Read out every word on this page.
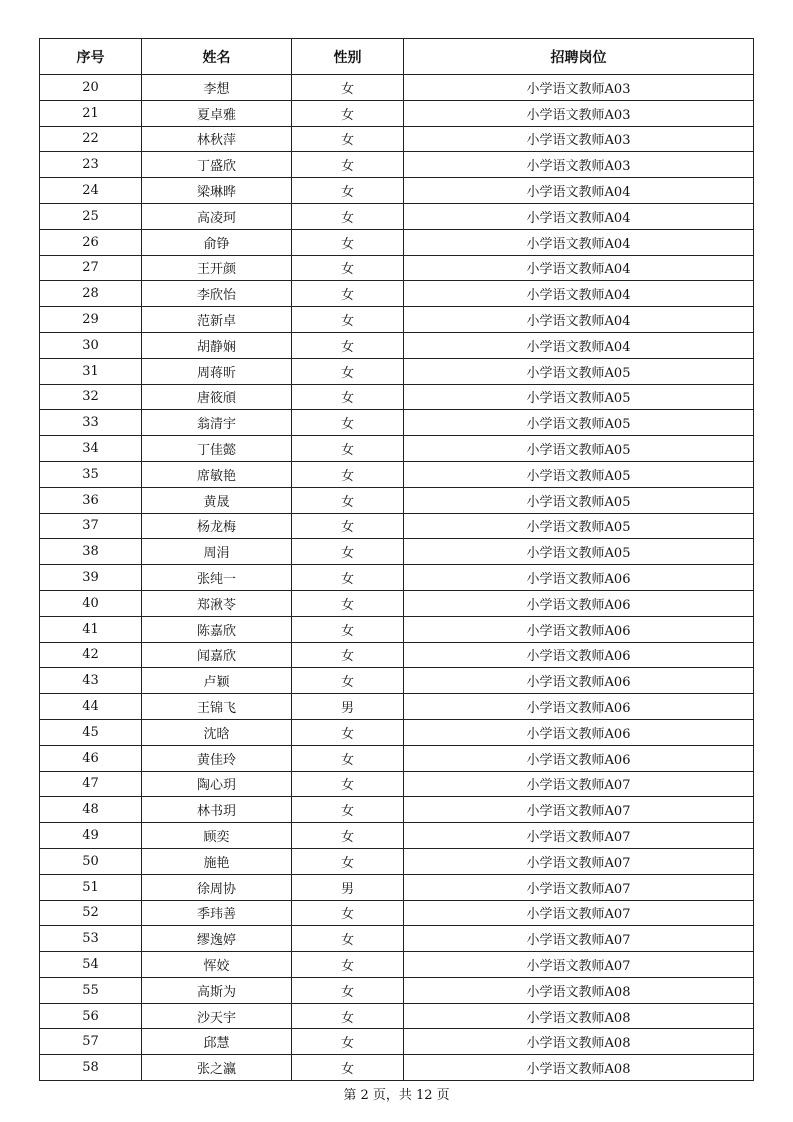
序号	姓名	性别	招聘岗位
20	李想	女	小学语文教师A03
21	夏卓雅	女	小学语文教师A03
22	林秋萍	女	小学语文教师A03
23	丁盛欣	女	小学语文教师A03
24	梁琳晔	女	小学语文教师A04
25	高凌珂	女	小学语文教师A04
26	俞铮	女	小学语文教师A04
27	王开颜	女	小学语文教师A04
28	李欣怡	女	小学语文教师A04
29	范新卓	女	小学语文教师A04
30	胡静娴	女	小学语文教师A04
31	周蒋昕	女	小学语文教师A05
32	唐筱頎	女	小学语文教师A05
33	翁清宇	女	小学语文教师A05
34	丁佳懿	女	小学语文教师A05
35	席敏艳	女	小学语文教师A05
36	黄晟	女	小学语文教师A05
37	杨龙梅	女	小学语文教师A05
38	周涓	女	小学语文教师A05
39	张纯一	女	小学语文教师A06
40	郑湫苓	女	小学语文教师A06
41	陈嘉欣	女	小学语文教师A06
42	闻嘉欣	女	小学语文教师A06
43	卢颖	女	小学语文教师A06
44	王锦飞	男	小学语文教师A06
45	沈晗	女	小学语文教师A06
46	黄佳玲	女	小学语文教师A06
47	陶心玥	女	小学语文教师A07
48	林书玥	女	小学语文教师A07
49	顾奕	女	小学语文教师A07
50	施艳	女	小学语文教师A07
51	徐周协	男	小学语文教师A07
52	季玮善	女	小学语文教师A07
53	缪逸婷	女	小学语文教师A07
54	恽姣	女	小学语文教师A07
55	高斯为	女	小学语文教师A08
56	沙天宇	女	小学语文教师A08
57	邱慧	女	小学语文教师A08
58	张之瀛	女	小学语文教师A08
第 2 页，共 12 页
